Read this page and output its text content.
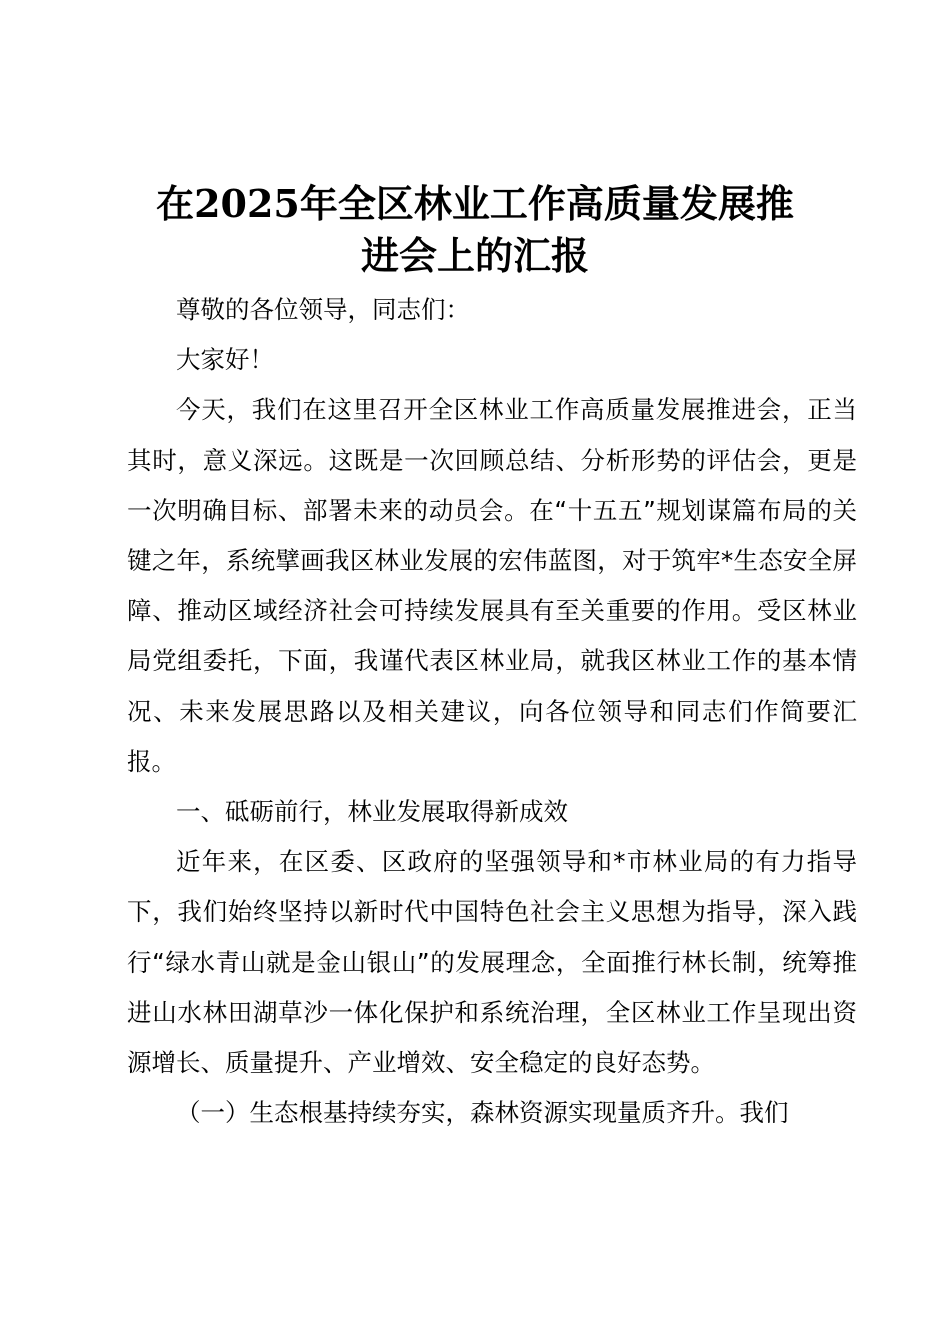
在2025年全区林业工作高质量发展推
进会上的汇报

尊敬的各位领导，同志们：

大家好！

今天，我们在这里召开全区林业工作高质量发展推进会，正当其时，意义深远。这既是一次回顾总结、分析形势的评估会，更是一次明确目标、部署未来的动员会。在“十五五”规划谋篇布局的关键之年，系统擘画我区林业发展的宏伟蓝图，对于筑牢*生态安全屏障、推动区域经济社会可持续发展具有至关重要的作用。受区林业局党组委托，下面，我谨代表区林业局，就我区林业工作的基本情况、未来发展思路以及相关建议，向各位领导和同志们作简要汇报。

一、砥砺前行，林业发展取得新成效

近年来，在区委、区政府的坚强领导和*市林业局的有力指导下，我们始终坚持以新时代中国特色社会主义思想为指导，深入践行“绿水青山就是金山银山”的发展理念，全面推行林长制，统筹推进山水林田湖草沙一体化保护和系统治理，全区林业工作呈现出资源增长、质量提升、产业增效、安全稳定的良好态势。

（一）生态根基持续夯实，森林资源实现量质齐升。我们
